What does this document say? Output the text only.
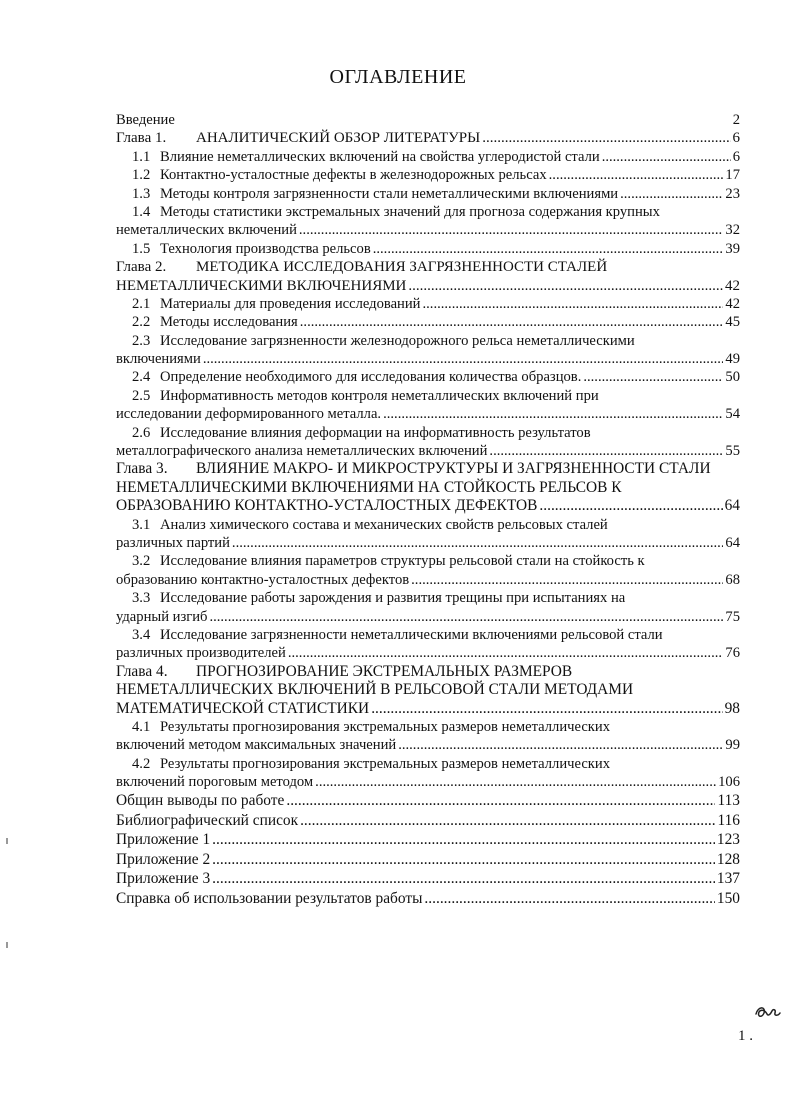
ОГЛАВЛЕНИЕ
Введение	2
Глава 1.	АНАЛИТИЧЕСКИЙ ОБЗОР ЛИТЕРАТУРЫ .....	6
1.1 Влияние неметаллических включений на свойства углеродистой стали .....	6
1.2 Контактно-усталостные дефекты в железнодорожных рельсах .....	17
1.3 Методы контроля загрязненности стали неметаллическими включениями .....	23
1.4 Методы статистики экстремальных значений для прогноза содержания крупных
неметаллических включений .....	32
1.5 Технология производства рельсов .....	39
Глава 2.	МЕТОДИКА ИССЛЕДОВАНИЯ ЗАГРЯЗНЕННОСТИ СТАЛЕЙ
НЕМЕТАЛЛИЧЕСКИМИ ВКЛЮЧЕНИЯМИ .....	42
2.1 Материалы для проведения исследований .....	42
2.2 Методы исследования .....	45
2.3 Исследование загрязненности железнодорожного рельса неметаллическими
включениями .....	49
2.4 Определение необходимого для исследования количества образцов. .....	50
2.5 Информативность методов контроля неметаллических включений при
исследовании деформированного металла. .....	54
2.6 Исследование влияния деформации на информативность результатов
металлографического анализа неметаллических включений .....	55
Глава 3.	ВЛИЯНИЕ МАКРО- И МИКРОСТРУКТУРЫ И ЗАГРЯЗНЕННОСТИ СТАЛИ
НЕМЕТАЛЛИЧЕСКИМИ ВКЛЮЧЕНИЯМИ НА СТОЙКОСТЬ РЕЛЬСОВ К
ОБРАЗОВАНИЮ КОНТАКТНО-УСТАЛОСТНЫХ ДЕФЕКТОВ .....	64
3.1 Анализ химического состава и механических свойств рельсовых сталей
различных партий .....	64
3.2 Исследование влияния параметров структуры рельсовой стали на стойкость к
образованию контактно-усталостных дефектов .....	68
3.3 Исследование работы зарождения и развития трещины при испытаниях на
ударный изгиб .....	75
3.4 Исследование загрязненности неметаллическими включениями рельсовой стали
различных производителей .....	76
Глава 4.	ПРОГНОЗИРОВАНИЕ ЭКСТРЕМАЛЬНЫХ РАЗМЕРОВ
НЕМЕТАЛЛИЧЕСКИХ ВКЛЮЧЕНИЙ В РЕЛЬСОВОЙ СТАЛИ МЕТОДАМИ
МАТЕМАТИЧЕСКОЙ СТАТИСТИКИ .....	98
4.1 Результаты прогнозирования экстремальных размеров неметаллических
включений методом максимальных значений .....	99
4.2 Результаты прогнозирования экстремальных размеров неметаллических
включений пороговым методом .....	106
Общин выводы по работе .....	113
Библиографический список .....	116
Приложение 1 .....	123
Приложение 2 .....	128
Приложение 3 .....	137
Справка об использовании результатов работы .....	150
1 .
